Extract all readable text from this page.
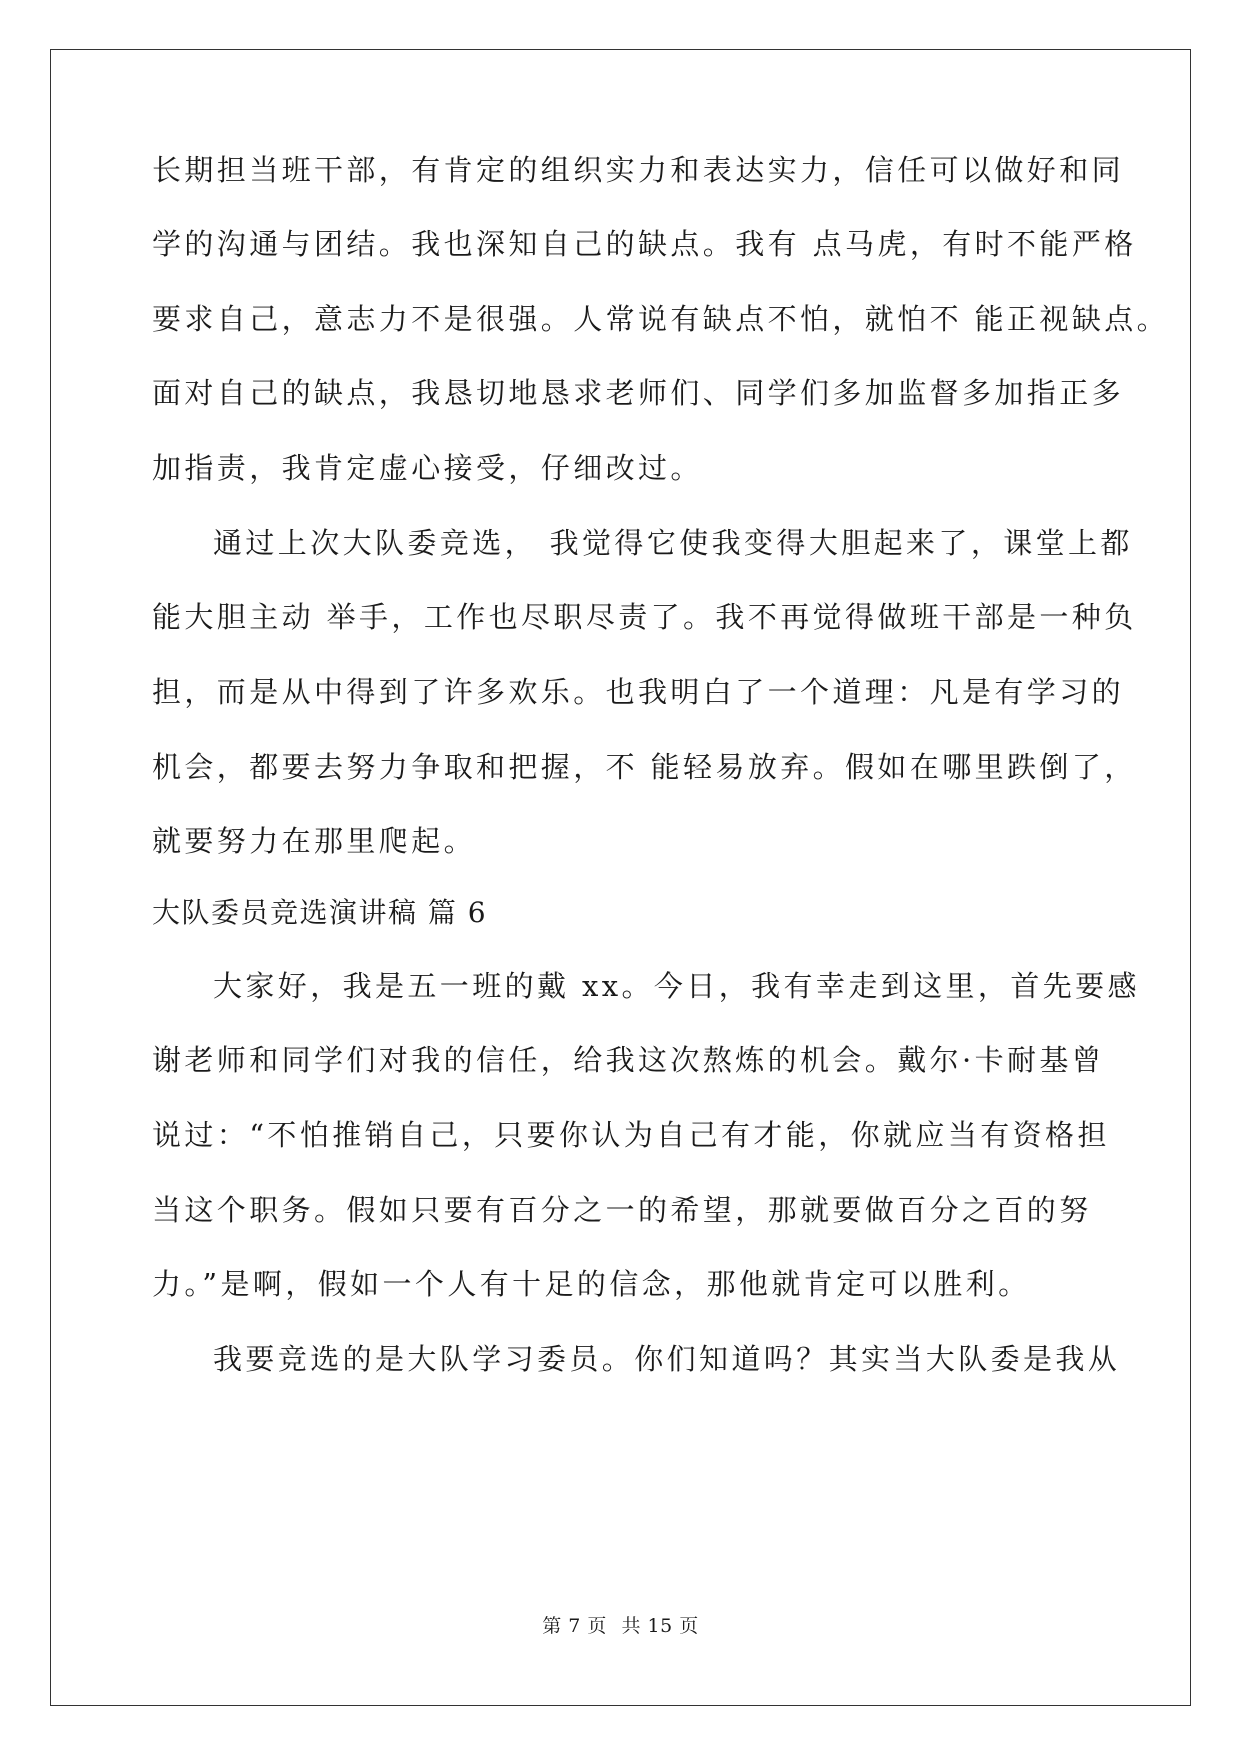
长期担当班干部，有肯定的组织实力和表达实力，信任可以做好和同
学的沟通与团结。我也深知自己的缺点。我有 点马虎，有时不能严格
要求自己，意志力不是很强。人常说有缺点不怕，就怕不 能正视缺点。
面对自己的缺点，我恳切地恳求老师们、同学们多加监督多加指正多
加指责，我肯定虚心接受，仔细改过。
通过上次大队委竞选， 我觉得它使我变得大胆起来了，课堂上都
能大胆主动 举手，工作也尽职尽责了。我不再觉得做班干部是一种负
担，而是从中得到了许多欢乐。也我明白了一个道理：凡是有学习的
机会，都要去努力争取和把握，不 能轻易放弃。假如在哪里跌倒了，
就要努力在那里爬起。
大队委员竞选演讲稿 篇 6
大家好，我是五一班的戴 xx。今日，我有幸走到这里，首先要感
谢老师和同学们对我的信任，给我这次熬炼的机会。戴尔·卡耐基曾
说过：“不怕推销自己，只要你认为自己有才能，你就应当有资格担
当这个职务。假如只要有百分之一的希望，那就要做百分之百的努
力。”是啊，假如一个人有十足的信念，那他就肯定可以胜利。
我要竞选的是大队学习委员。你们知道吗？其实当大队委是我从
第 7 页 共 15 页
